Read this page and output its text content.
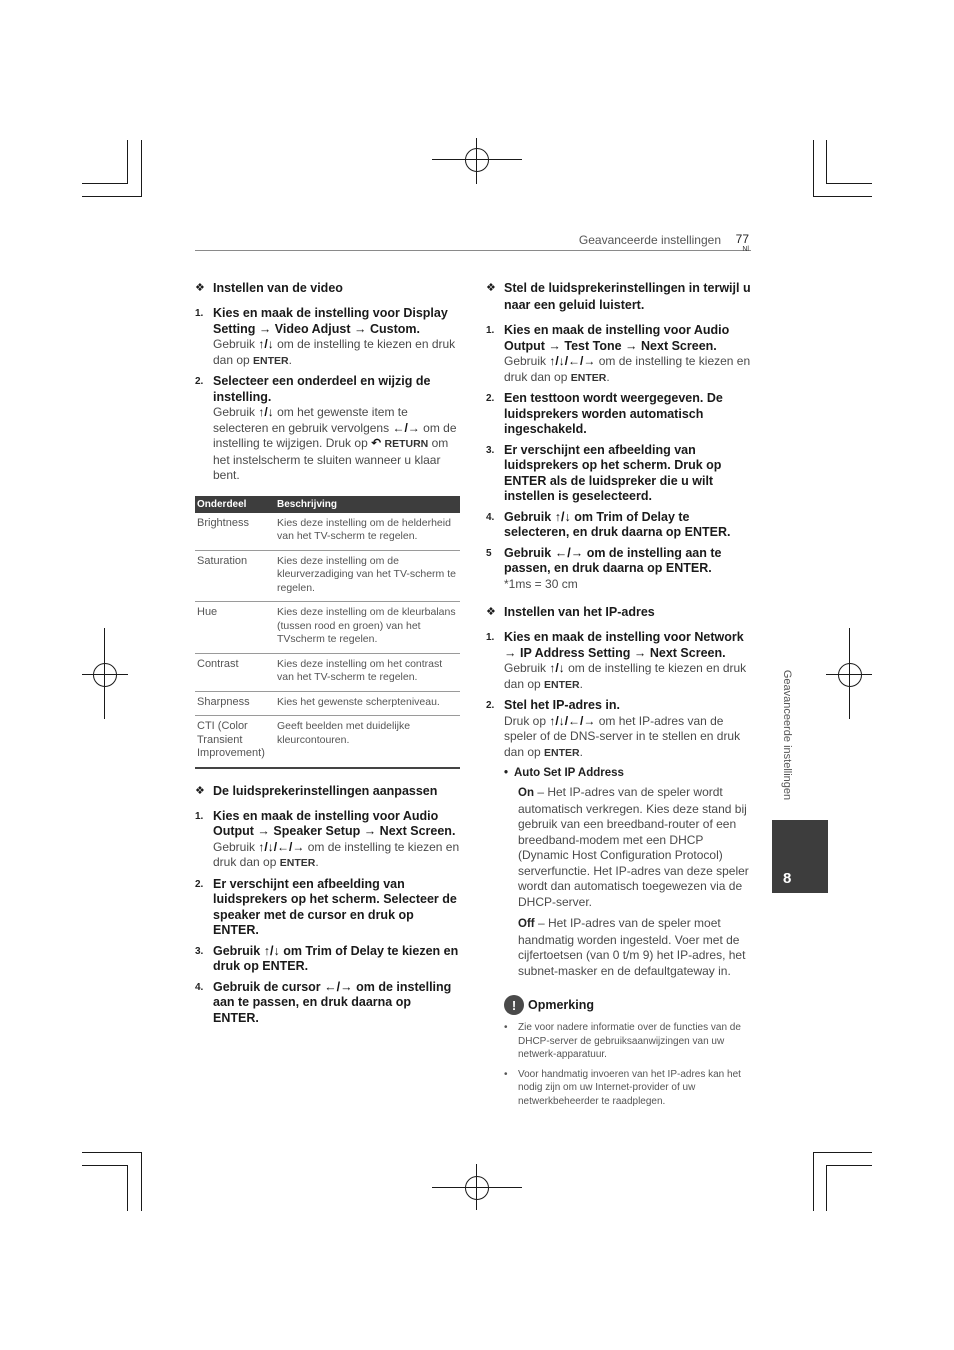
Geavanceerde instellingen 77
Nl
❖ Instellen van de video
1. Kies en maak de instelling voor Display Setting → Video Adjust → Custom.
Gebruik ↑/↓ om de instelling te kiezen en druk dan op ENTER.
2. Selecteer een onderdeel en wijzig de instelling.
Gebruik ↑/↓ om het gewenste item te selecteren en gebruik vervolgens ←/→ om de instelling te wijzigen. Druk op ↶ RETURN om het instelscherm te sluiten wanneer u klaar bent.
Onderdeel	Beschrijving
Brightness	Kies deze instelling om de helderheid van het TV-scherm te regelen.
Saturation	Kies deze instelling om de kleurverzadiging van het TV-scherm te regelen.
Hue	Kies deze instelling om de kleurbalans (tussen rood en groen) van het TVscherm te regelen.
Contrast	Kies deze instelling om het contrast van het TV-scherm te regelen.
Sharpness	Kies het gewenste scherpteniveau.
CTI (Color Transient Improvement)	Geeft beelden met duidelijke kleurcontouren.
❖ De luidsprekerinstellingen aanpassen
1. Kies en maak de instelling voor Audio Output → Speaker Setup → Next Screen.
Gebruik ↑/↓/←/→ om de instelling te kiezen en druk dan op ENTER.
2. Er verschijnt een afbeelding van luidsprekers op het scherm. Selecteer de speaker met de cursor en druk op ENTER.
3. Gebruik ↑/↓ om Trim of Delay te kiezen en druk op ENTER.
4. Gebruik de cursor ←/→ om de instelling aan te passen, en druk daarna op ENTER.
❖ Stel de luidsprekerinstellingen in terwijl u naar een geluid luistert.
1. Kies en maak de instelling voor Audio Output → Test Tone → Next Screen.
Gebruik ↑/↓/←/→ om de instelling te kiezen en druk dan op ENTER.
2. Een testtoon wordt weergegeven. De luidsprekers worden automatisch ingeschakeld.
3. Er verschijnt een afbeelding van luidsprekers op het scherm. Druk op ENTER als de luidspreker die u wilt instellen is geselecteerd.
4. Gebruik ↑/↓ om Trim of Delay te selecteren, en druk daarna op ENTER.
5 Gebruik ←/→ om de instelling aan te passen, en druk daarna op ENTER.
*1ms = 30 cm
❖ Instellen van het IP-adres
1. Kies en maak de instelling voor Network → IP Address Setting → Next Screen.
Gebruik ↑/↓ om de instelling te kiezen en druk dan op ENTER.
2. Stel het IP-adres in.
Druk op ↑/↓/←/→ om het IP-adres van de speler of de DNS-server in te stellen en druk dan op ENTER.
•  Auto Set IP Address
On – Het IP-adres van de speler wordt automatisch verkregen. Kies deze stand bij gebruik van een breedband-router of een breedband-modem met een DHCP (Dynamic Host Configuration Protocol) serverfunctie. Het IP-adres van deze speler wordt dan automatisch toegewezen via de DHCP-server.
Off – Het IP-adres van de speler moet handmatig worden ingesteld. Voer met de cijfertoetsen (van 0 t/m 9) het IP-adres, het subnet-masker en de defaultgateway in.
! Opmerking
•	Zie voor nadere informatie over de functies van de DHCP-server de gebruiksaanwijzingen van uw netwerk-apparatuur.
•	Voor handmatig invoeren van het IP-adres kan het nodig zijn om uw Internet-provider of uw netwerkbeheerder te raadplegen.
Geavanceerde instellingen
8
